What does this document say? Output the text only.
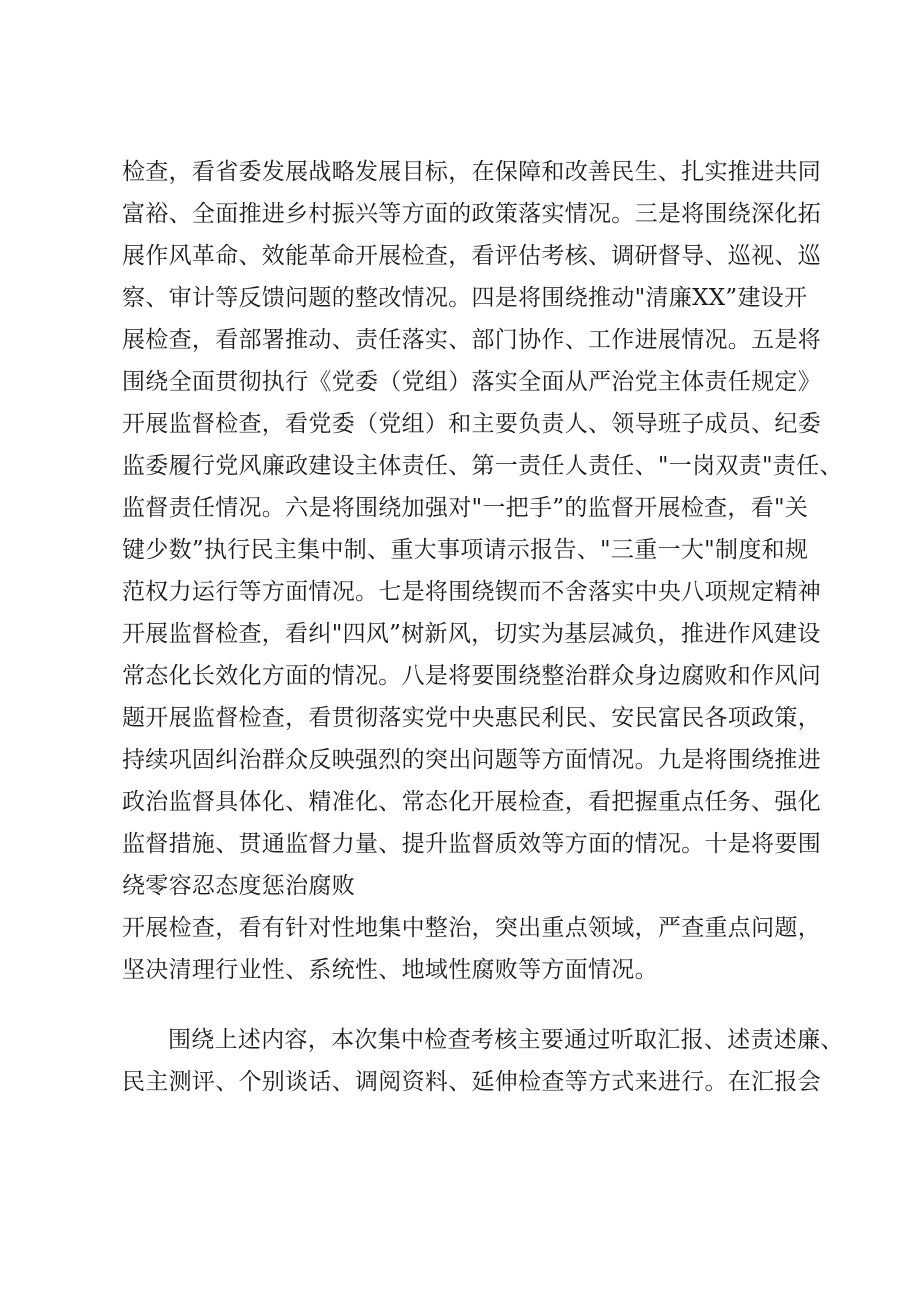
检查，看省委发展战略发展目标，在保障和改善民生、扎实推进共同
富裕、全面推进乡村振兴等方面的政策落实情况。三是将围绕深化拓
展作风革命、效能革命开展检查，看评估考核、调研督导、巡视、巡
察、审计等反馈问题的整改情况。四是将围绕推动"清廉XX”建设开
展检查，看部署推动、责任落实、部门协作、工作进展情况。五是将
围绕全面贯彻执行《党委（党组）落实全面从严治党主体责任规定》
开展监督检查，看党委（党组）和主要负责人、领导班子成员、纪委
监委履行党风廉政建设主体责任、第一责任人责任、"一岗双责"责任、
监督责任情况。六是将围绕加强对"一把手”的监督开展检查，看"关
键少数”执行民主集中制、重大事项请示报告、"三重一大"制度和规
范权力运行等方面情况。七是将围绕锲而不舍落实中央八项规定精神
开展监督检查，看纠"四风”树新风，切实为基层减负，推进作风建设
常态化长效化方面的情况。八是将要围绕整治群众身边腐败和作风问
题开展监督检查，看贯彻落实党中央惠民利民、安民富民各项政策，
持续巩固纠治群众反映强烈的突出问题等方面情况。九是将围绕推进
政治监督具体化、精准化、常态化开展检查，看把握重点任务、强化
监督措施、贯通监督力量、提升监督质效等方面的情况。十是将要围
绕零容忍态度惩治腐败
开展检查，看有针对性地集中整治，突出重点领域，严查重点问题，
坚决清理行业性、系统性、地域性腐败等方面情况。
围绕上述内容，本次集中检查考核主要通过听取汇报、述责述廉、
民主测评、个别谈话、调阅资料、延伸检查等方式来进行。在汇报会
